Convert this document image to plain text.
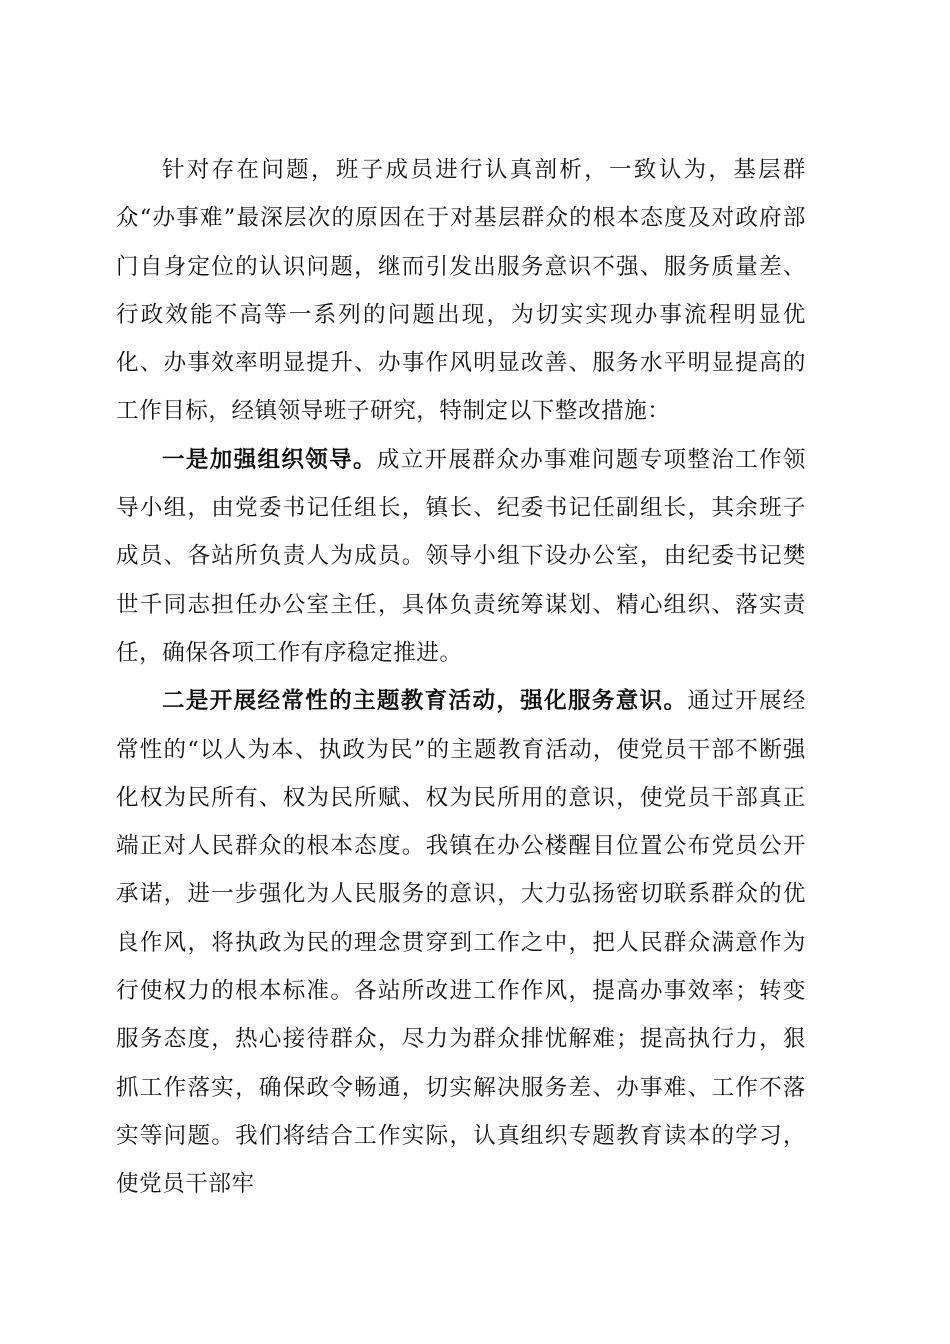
针对存在问题，班子成员进行认真剖析，一致认为，基层群众“办事难”最深层次的原因在于对基层群众的根本态度及对政府部门自身定位的认识问题，继而引发出服务意识不强、服务质量差、行政效能不高等一系列的问题出现，为切实实现办事流程明显优化、办事效率明显提升、办事作风明显改善、服务水平明显提高的工作目标，经镇领导班子研究，特制定以下整改措施：

一是加强组织领导。成立开展群众办事难问题专项整治工作领导小组，由党委书记任组长，镇长、纪委书记任副组长，其余班子成员、各站所负责人为成员。领导小组下设办公室，由纪委书记樊世千同志担任办公室主任，具体负责统筹谋划、精心组织、落实责任，确保各项工作有序稳定推进。

二是开展经常性的主题教育活动，强化服务意识。通过开展经常性的“以人为本、执政为民”的主题教育活动，使党员干部不断强化权为民所有、权为民所赋、权为民所用的意识，使党员干部真正端正对人民群众的根本态度。我镇在办公楼醒目位置公布党员公开承诺，进一步强化为人民服务的意识，大力弘扬密切联系群众的优良作风，将执政为民的理念贯穿到工作之中，把人民群众满意作为行使权力的根本标准。各站所改进工作作风，提高办事效率；转变服务态度，热心接待群众，尽力为群众排忧解难；提高执行力，狠抓工作落实，确保政令畅通，切实解决服务差、办事难、工作不落实等问题。我们将结合工作实际，认真组织专题教育读本的学习，使党员干部牢
